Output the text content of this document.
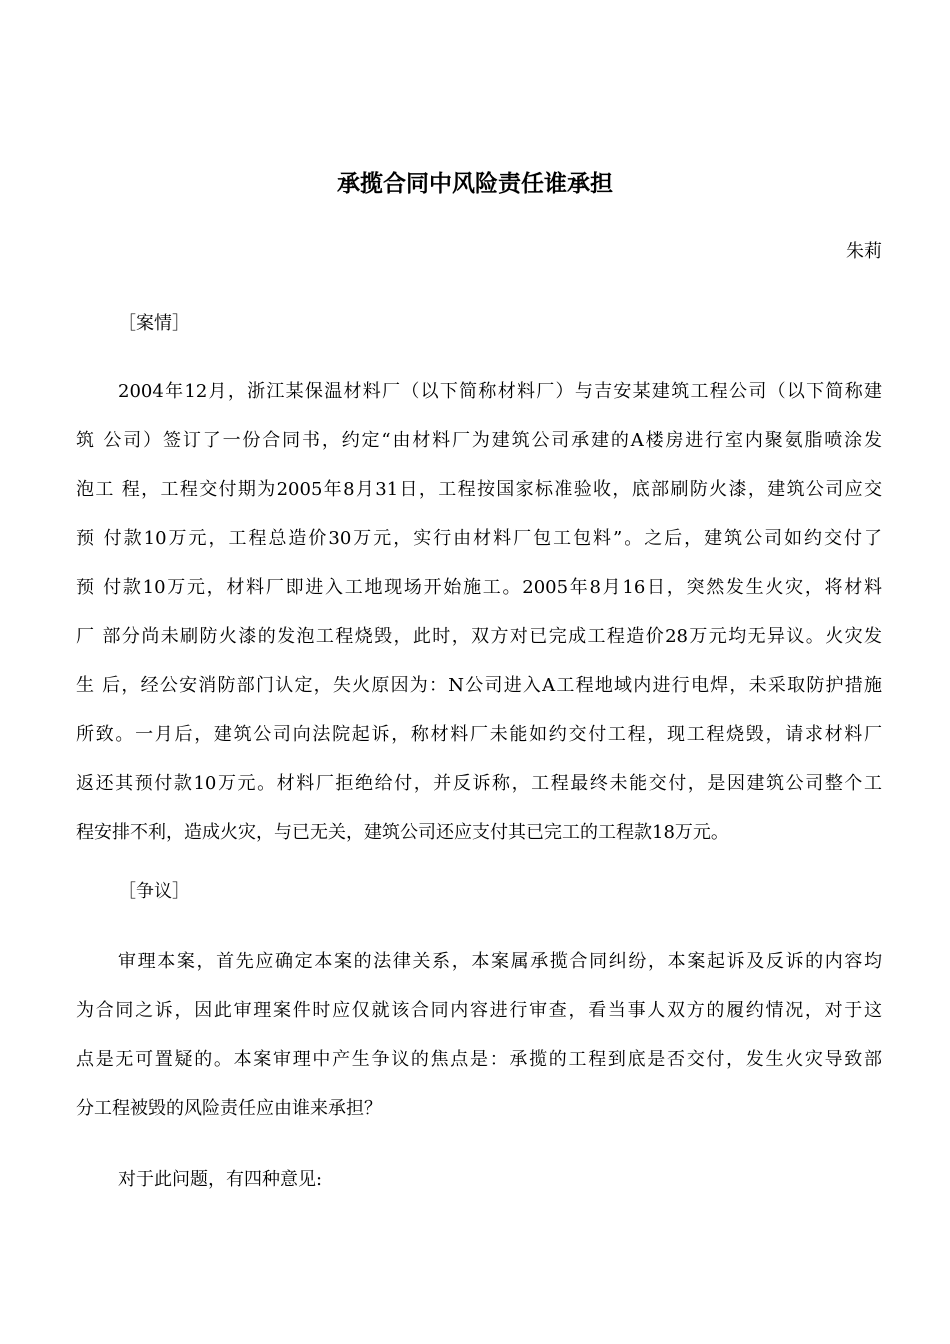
承揽合同中风险责任谁承担

朱莉

［案情］

2004年12月，浙江某保温材料厂（以下简称材料厂）与吉安某建筑工程公司（以下简称建
筑 公司）签订了一份合同书，约定“由材料厂为建筑公司承建的A楼房进行室内聚氨脂喷涂发
泡工 程，工程交付期为2005年8月31日，工程按国家标准验收，底部刷防火漆，建筑公司应交
预 付款10万元，工程总造价30万元，实行由材料厂包工包料”。之后，建筑公司如约交付了
预 付款10万元，材料厂即进入工地现场开始施工。2005年8月16日，突然发生火灾，将材料
厂 部分尚未刷防火漆的发泡工程烧毁，此时，双方对已完成工程造价28万元均无异议。火灾发
生 后，经公安消防部门认定，失火原因为：N公司进入A工程地域内进行电焊，未采取防护措施
所致。一月后，建筑公司向法院起诉，称材料厂未能如约交付工程，现工程烧毁，请求材料厂
返还其预付款10万元。材料厂拒绝给付，并反诉称，工程最终未能交付，是因建筑公司整个工
程安排不利，造成火灾，与已无关，建筑公司还应支付其已完工的工程款18万元。

［争议］

审理本案，首先应确定本案的法律关系，本案属承揽合同纠纷，本案起诉及反诉的内容均
为合同之诉，因此审理案件时应仅就该合同内容进行审查，看当事人双方的履约情况，对于这
点是无可置疑的。本案审理中产生争议的焦点是：承揽的工程到底是否交付，发生火灾导致部
分工程被毁的风险责任应由谁来承担？

对于此问题，有四种意见:
